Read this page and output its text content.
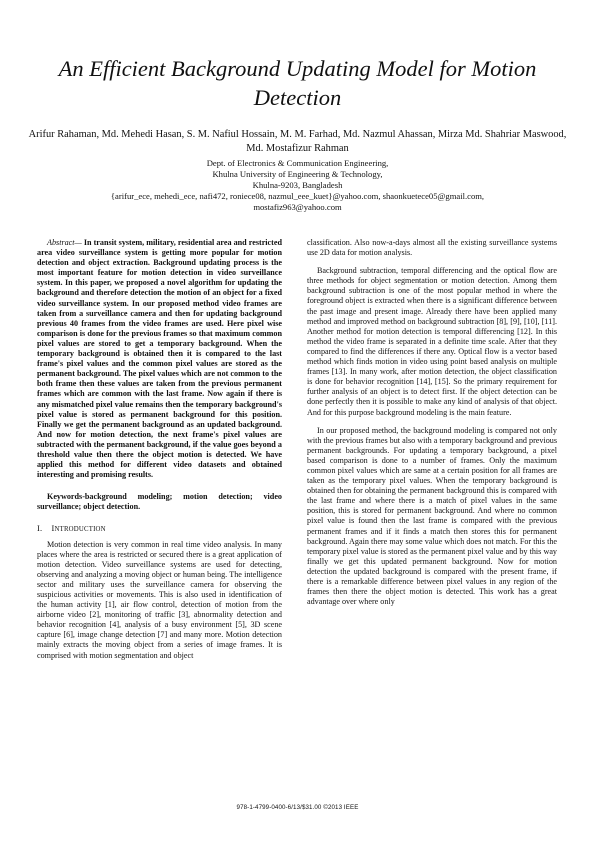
An Efficient Background Updating Model for Motion Detection
Arifur Rahaman, Md. Mehedi Hasan, S. M. Nafiul Hossain, M. M. Farhad, Md. Nazmul Ahassan, Mirza Md. Shahriar Maswood, Md. Mostafizur Rahman
Dept. of Electronics & Communication Engineering,
Khulna University of Engineering & Technology,
Khulna-9203, Bangladesh
{arifur_ece, mehedi_ece, nafi472, roniece08, nazmul_eee_kuet}@yahoo.com, shaonkuetece05@gmail.com,
mostafiz963@yahoo.com

Abstract— In transit system, military, residential area and restricted area video surveillance system is getting more popular for motion detection and object extraction. Background updating process is the most important feature for motion detection in video surveillance system. In this paper, we proposed a novel algorithm for updating the background and therefore detection the motion of an object for a fixed video surveillance system. In our proposed method video frames are taken from a surveillance camera and then for updating background previous 40 frames from the video frames are used. Here pixel wise comparison is done for the previous frames so that maximum common pixel values are stored to get a temporary background. When the temporary background is obtained then it is compared to the last frame's pixel values and the common pixel values are stored as the permanent background. The pixel values which are not common to the both frame then these values are taken from the previous permanent frames which are common with the last frame. Now again if there is any mismatched pixel value remains then the temporary background's pixel value is stored as permanent background for this position. Finally we get the permanent background as an updated background. And now for motion detection, the next frame's pixel values are subtracted with the permanent background, if the value goes beyond a threshold value then there the object motion is detected. We have applied this method for different video datasets and obtained interesting and promising results.

Keywords-background modeling; motion detection; video surveillance; object detection.

I. INTRODUCTION

Motion detection is very common in real time video analysis. In many places where the area is restricted or secured there is a great application of motion detection. Video surveillance systems are used for detecting, observing and analyzing a moving object or human being. The intelligence sector and military uses the surveillance camera for observing the suspicious activities or movements. This is also used in identification of the human activity [1], air flow control, detection of motion from the airborne video [2], monitoring of traffic [3], abnormality detection and behavior recognition [4], analysis of a busy environment [5], 3D scene capture [6], image change detection [7] and many more. Motion detection mainly extracts the moving object from a series of image frames. It is comprised with motion segmentation and object

classification. Also now-a-days almost all the existing surveillance systems use 2D data for motion analysis.

Background subtraction, temporal differencing and the optical flow are three methods for object segmentation or motion detection. Among them background subtraction is one of the most popular method in where the foreground object is extracted when there is a significant difference between the past image and present image. Already there have been applied many method and improved method on background subtraction [8], [9], [10], [11]. Another method for motion detection is temporal differencing [12]. In this method the video frame is separated in a definite time scale. After that they compared to find the differences if there any. Optical flow is a vector based method which finds motion in video using point based analysis on multiple frames [13]. In many work, after motion detection, the object classification is done for behavior recognition [14], [15]. So the primary requirement for further analysis of an object is to detect first. If the object detection can be done perfectly then it is possible to make any kind of analysis of that object. And for this purpose background modeling is the main feature.

In our proposed method, the background modeling is compared not only with the previous frames but also with a temporary background and previous permanent backgrounds. For updating a temporary background, a pixel based comparison is done to a number of frames. Only the maximum common pixel values which are same at a certain position for all frames are taken as the temporary pixel values. When the temporary background is obtained then for obtaining the permanent background this is compared with the last frame and where there is a match of pixel values in the same position, this is stored for permanent background. And where no common pixel value is found then the last frame is compared with the previous permanent frames and if it finds a match then stores this for permanent background. Again there may some value which does not match. For this the temporary pixel value is stored as the permanent pixel value and by this way finally we get this updated permanent background. Now for motion detection the updated background is compared with the present frame, if there is a remarkable difference between pixel values in any region of the frames then there the object motion is detected. This work has a great advantage over where only

978-1-4799-0400-6/13/$31.00 ©2013 IEEE
